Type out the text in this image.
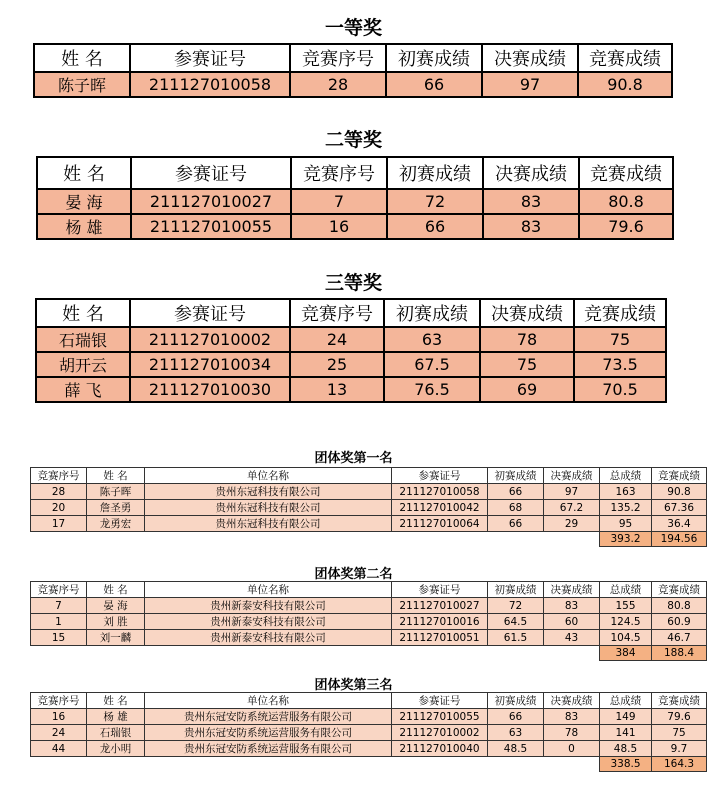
一等奖
姓 名	参赛证号	竞赛序号	初赛成绩	决赛成绩	竞赛成绩
陈子晖	211127010058	28	66	97	90.8
二等奖
姓 名	参赛证号	竞赛序号	初赛成绩	决赛成绩	竞赛成绩
晏 海	211127010027	7	72	83	80.8
杨 雄	211127010055	16	66	83	79.6
三等奖
姓 名	参赛证号	竞赛序号	初赛成绩	决赛成绩	竞赛成绩
石瑞银	211127010002	24	63	78	75
胡开云	211127010034	25	67.5	75	73.5
薛 飞	211127010030	13	76.5	69	70.5
团体奖第一名
竞赛序号	姓 名	单位名称	参赛证号	初赛成绩	决赛成绩	总成绩	竞赛成绩
28	陈子晖	贵州东冠科技有限公司	211127010058	66	97	163	90.8
20	詹圣勇	贵州东冠科技有限公司	211127010042	68	67.2	135.2	67.36
17	龙勇宏	贵州东冠科技有限公司	211127010064	66	29	95	36.4
						393.2	194.56
团体奖第二名
竞赛序号	姓 名	单位名称	参赛证号	初赛成绩	决赛成绩	总成绩	竞赛成绩
7	晏 海	贵州新泰安科技有限公司	211127010027	72	83	155	80.8
1	刘 胜	贵州新泰安科技有限公司	211127010016	64.5	60	124.5	60.9
15	刘一麟	贵州新泰安科技有限公司	211127010051	61.5	43	104.5	46.7
						384	188.4
团体奖第三名
竞赛序号	姓 名	单位名称	参赛证号	初赛成绩	决赛成绩	总成绩	竞赛成绩
16	杨 雄	贵州东冠安防系统运营服务有限公司	211127010055	66	83	149	79.6
24	石瑞银	贵州东冠安防系统运营服务有限公司	211127010002	63	78	141	75
44	龙小明	贵州东冠安防系统运营服务有限公司	211127010040	48.5	0	48.5	9.7
						338.5	164.3
